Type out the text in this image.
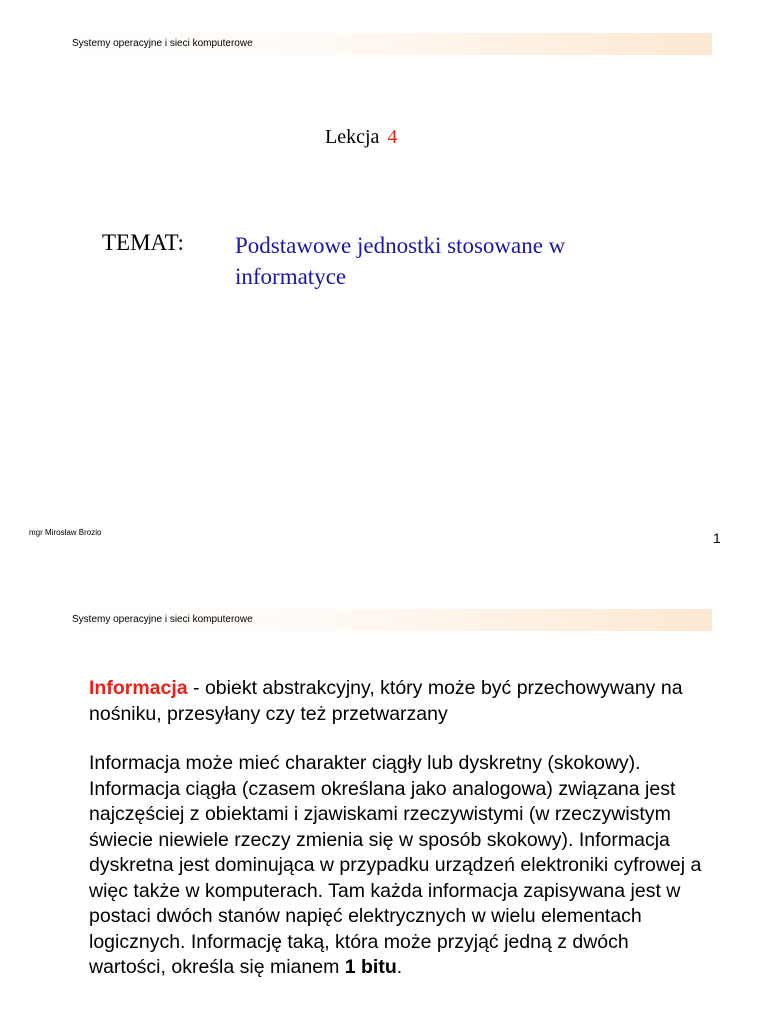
Systemy operacyjne i sieci komputerowe
Lekcja 4
TEMAT: Podstawowe jednostki stosowane w informatyce
mgr Mirosław Brozio	1
Systemy operacyjne i sieci komputerowe
Informacja - obiekt abstrakcyjny, który może być przechowywany na nośniku, przesyłany czy też przetwarzany
Informacja może mieć charakter ciągły lub dyskretny (skokowy). Informacja ciągła (czasem określana jako analogowa) związana jest najczęściej z obiektami i zjawiskami rzeczywistymi (w rzeczywistym świecie niewiele rzeczy zmienia się w sposób skokowy). Informacja dyskretna jest dominująca w przypadku urządzeń elektroniki cyfrowej a więc także w komputerach. Tam każda informacja zapisywana jest w postaci dwóch stanów napięć elektrycznych w wielu elementach logicznych. Informację taką, która może przyjąć jedną z dwóch wartości, określa się mianem 1 bitu.
